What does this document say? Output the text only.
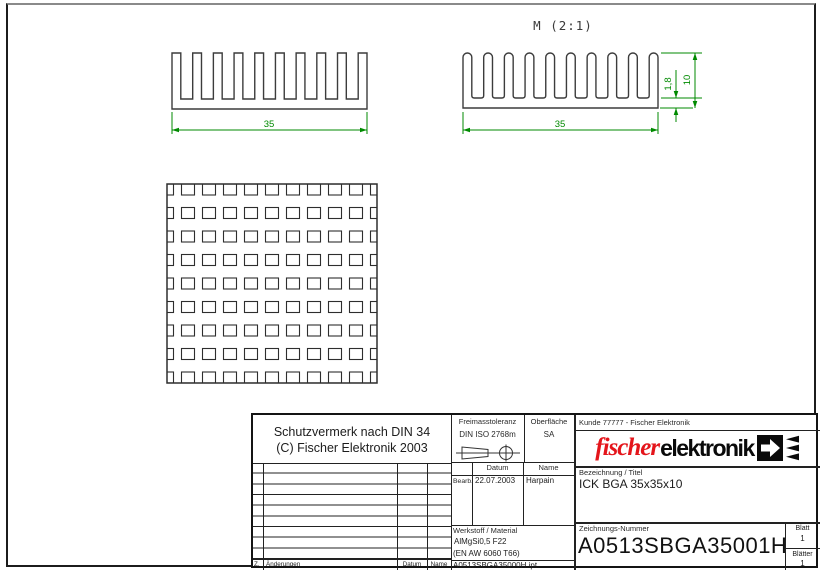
M (2:1)
35	35
10
1,8
Schutzvermerk nach DIN 34
(C) Fischer Elektronik 2003
Freimasstoleranz
DIN ISO 2768m
Oberfläche
SA
Datum	Name
Bearb. 22.07.2003 Harpain
Werkstoff / Material
AlMgSi0,5 F22
(EN AW 6060 T66)
A0513SBGA35000H.ipt
Z. Änderungen	Datum	Name
Kunde 77777 - Fischer Elektronik
fischer elektronik
Bezeichnung / Titel
ICK BGA 35x35x10
Zeichnungs-Nummer
A0513SBGA35001H
Blatt
1
Blätter
1
